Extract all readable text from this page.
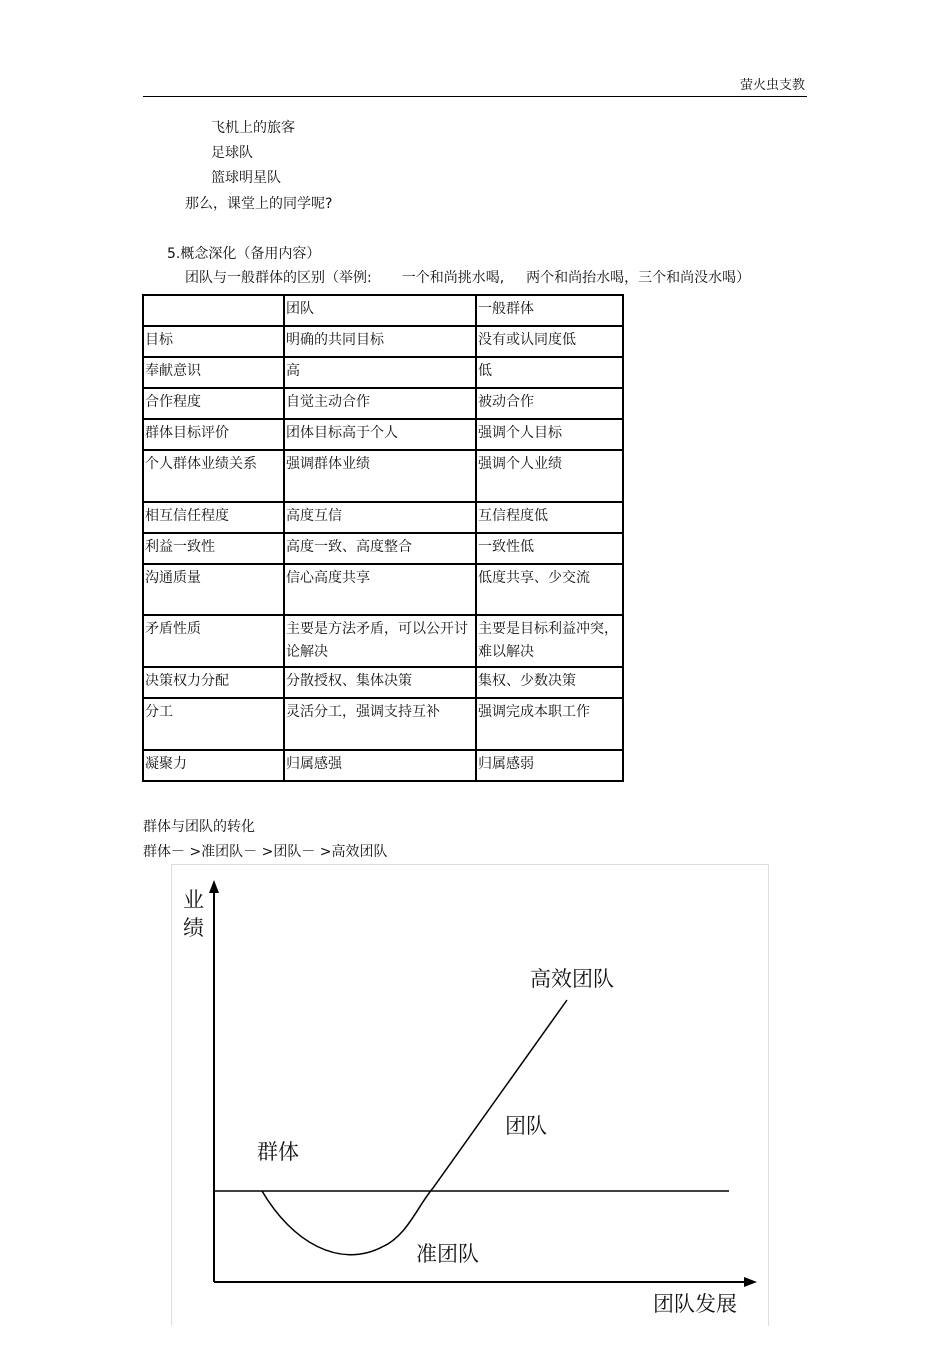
萤火虫支教
飞机上的旅客
足球队
篮球明星队
那么，课堂上的同学呢?
5.概念深化（备用内容）
团队与一般群体的区别（举例: 一个和尚挑水喝, 两个和尚抬水喝，三个和尚没水喝）
	团队	一般群体
目标	明确的共同目标	没有或认同度低
奉献意识	高	低
合作程度	自觉主动合作	被动合作
群体目标评价	团体目标高于个人	强调个人目标
个人群体业绩关系	强调群体业绩	强调个人业绩
相互信任程度	高度互信	互信程度低
利益一致性	高度一致、高度整合	一致性低
沟通质量	信心高度共享	低度共享、少交流
矛盾性质	主要是方法矛盾，可以公开讨论解决	主要是目标利益冲突，难以解决
决策权力分配	分散授权、集体决策	集权、少数决策
分工	灵活分工，强调支持互补	强调完成本职工作
凝聚力	归属感强	归属感弱
群体与团队的转化
群体－ >准团队－ >团队－ >高效团队
业绩
高效团队
团队
群体
准团队
团队发展
